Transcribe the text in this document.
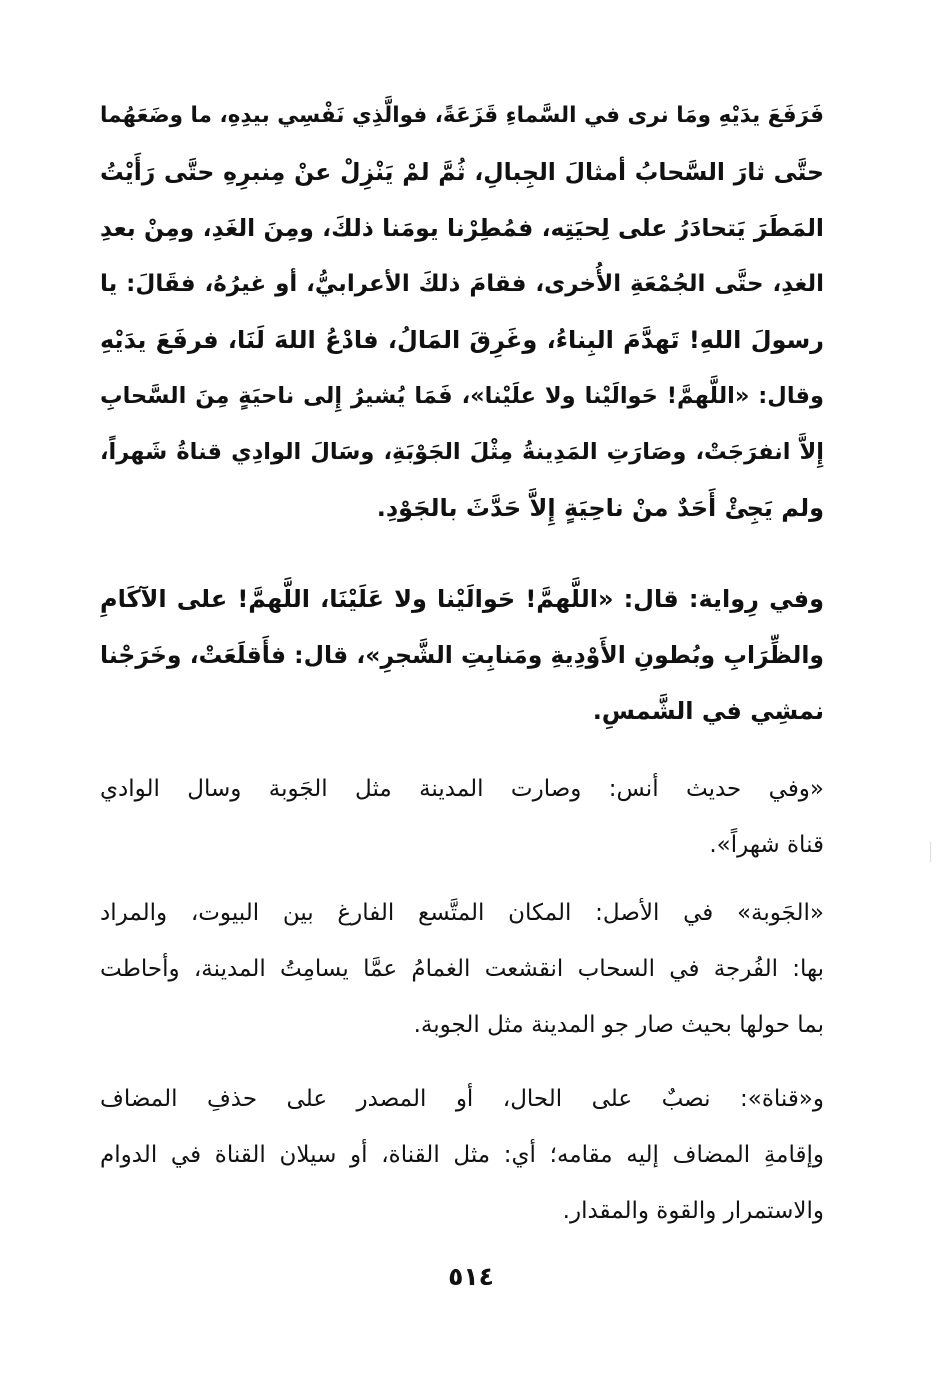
فَرَفَعَ يدَيْهِ ومَا نرى في السَّماءِ قَزَعَةً، فوالَّذِي نَفْسِي بيدِهِ، ما وضَعَهُما
حتَّى ثارَ السَّحابُ أمثالَ الجِبالِ، ثُمَّ لمْ يَنْزِلْ عنْ مِنبرِهِ حتَّى رَأَيْتُ
المَطَرَ يَتحادَرُ على لِحيَتِه، فمُطِرْنا يومَنا ذلكَ، ومِنَ الغَدِ، ومِنْ بعدِ
الغدِ، حتَّى الجُمْعَةِ الأُخرى، فقامَ ذلكَ الأعرابيُّ، أو غيرُهُ، فقَالَ: يا
رسولَ اللهِ! تَهدَّمَ البِناءُ، وغَرِقَ المَالُ، فادْعُ اللهَ لَنَا، فرفَعَ يدَيْهِ
وقال: «اللَّهمَّ! حَوالَيْنا ولا علَيْنا»، فَمَا يُشيرُ إِلى ناحيَةٍ مِنَ السَّحابِ
إِلاَّ انفرَجَتْ، وصَارَتِ المَدِينةُ مِثْلَ الجَوْبَةِ، وسَالَ الوادِي قناةُ شَهراً،
ولم يَجِئْ أَحَدٌ منْ ناحِيَةٍ إِلاَّ حَدَّثَ بالجَوْدِ.
وفي رِواية: قال: «اللَّهمَّ! حَوالَيْنا ولا عَلَيْنَا، اللَّهمَّ! على الآكَامِ
والظِّرَابِ وبُطونِ الأَوْدِيةِ ومَنابِتِ الشَّجرِ»، قال: فأَقلَعَتْ، وخَرَجْنا
نمشِي في الشَّمسِ.
«وفي حديث أنس: وصارت المدينة مثل الجَوبة وسال الوادي
قناة شهراً».
«الجَوبة» في الأصل: المكان المتَّسع الفارغ بين البيوت، والمراد
بها: الفُرجة في السحاب انقشعت الغمامُ عمَّا يسامِتُ المدينة، وأحاطت
بما حولها بحيث صار جو المدينة مثل الجوبة.
و«قناة»: نصبٌ على الحال، أو المصدر على حذفِ المضاف
وإقامةِ المضاف إليه مقامه؛ أي: مثل القناة، أو سيلان القناة في الدوام
والاستمرار والقوة والمقدار.
٥١٤
